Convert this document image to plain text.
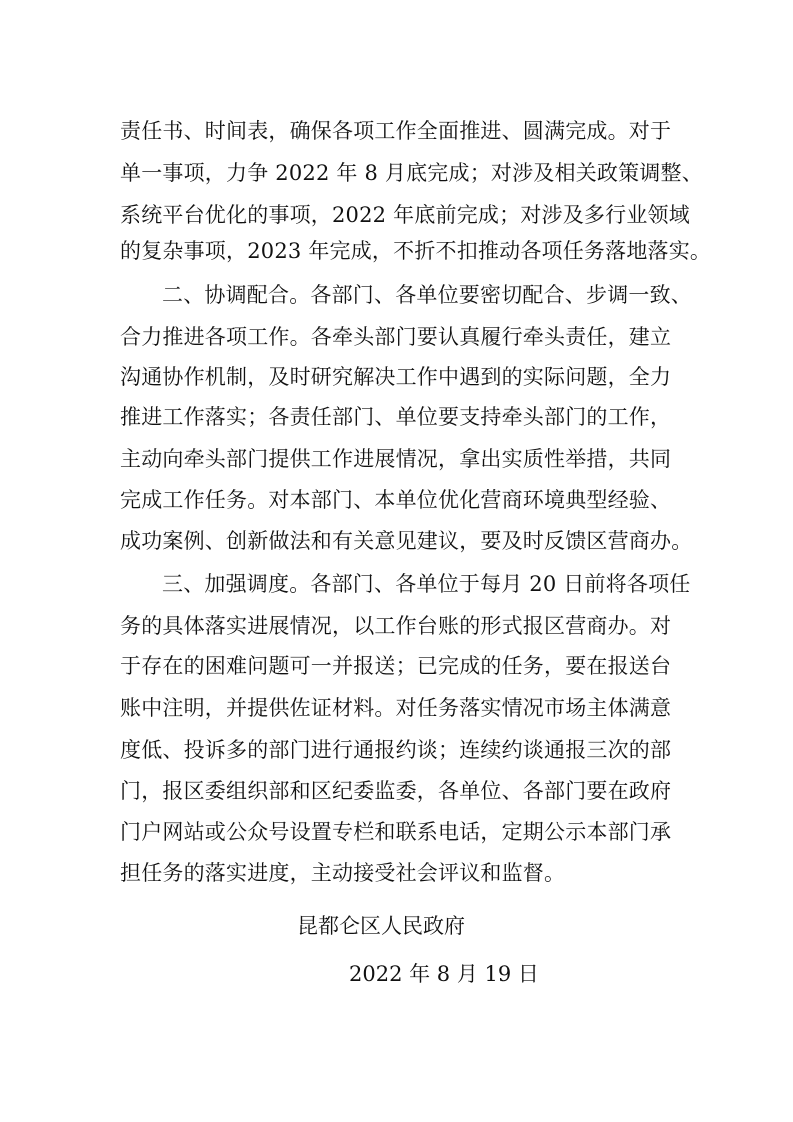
责任书、时间表，确保各项工作全面推进、圆满完成。对于
单一事项，力争 2022 年 8 月底完成；对涉及相关政策调整、
系统平台优化的事项，2022 年底前完成；对涉及多行业领域
的复杂事项，2023 年完成，不折不扣推动各项任务落地落实。
二、协调配合。各部门、各单位要密切配合、步调一致、
合力推进各项工作。各牵头部门要认真履行牵头责任，建立
沟通协作机制，及时研究解决工作中遇到的实际问题，全力
推进工作落实；各责任部门、单位要支持牵头部门的工作，
主动向牵头部门提供工作进展情况，拿出实质性举措，共同
完成工作任务。对本部门、本单位优化营商环境典型经验、
成功案例、创新做法和有关意见建议，要及时反馈区营商办。
三、加强调度。各部门、各单位于每月 20 日前将各项任
务的具体落实进展情况，以工作台账的形式报区营商办。对
于存在的困难问题可一并报送；已完成的任务，要在报送台
账中注明，并提供佐证材料。对任务落实情况市场主体满意
度低、投诉多的部门进行通报约谈；连续约谈通报三次的部
门，报区委组织部和区纪委监委，各单位、各部门要在政府
门户网站或公众号设置专栏和联系电话，定期公示本部门承
担任务的落实进度，主动接受社会评议和监督。
昆都仑区人民政府
2022 年 8 月 19 日
